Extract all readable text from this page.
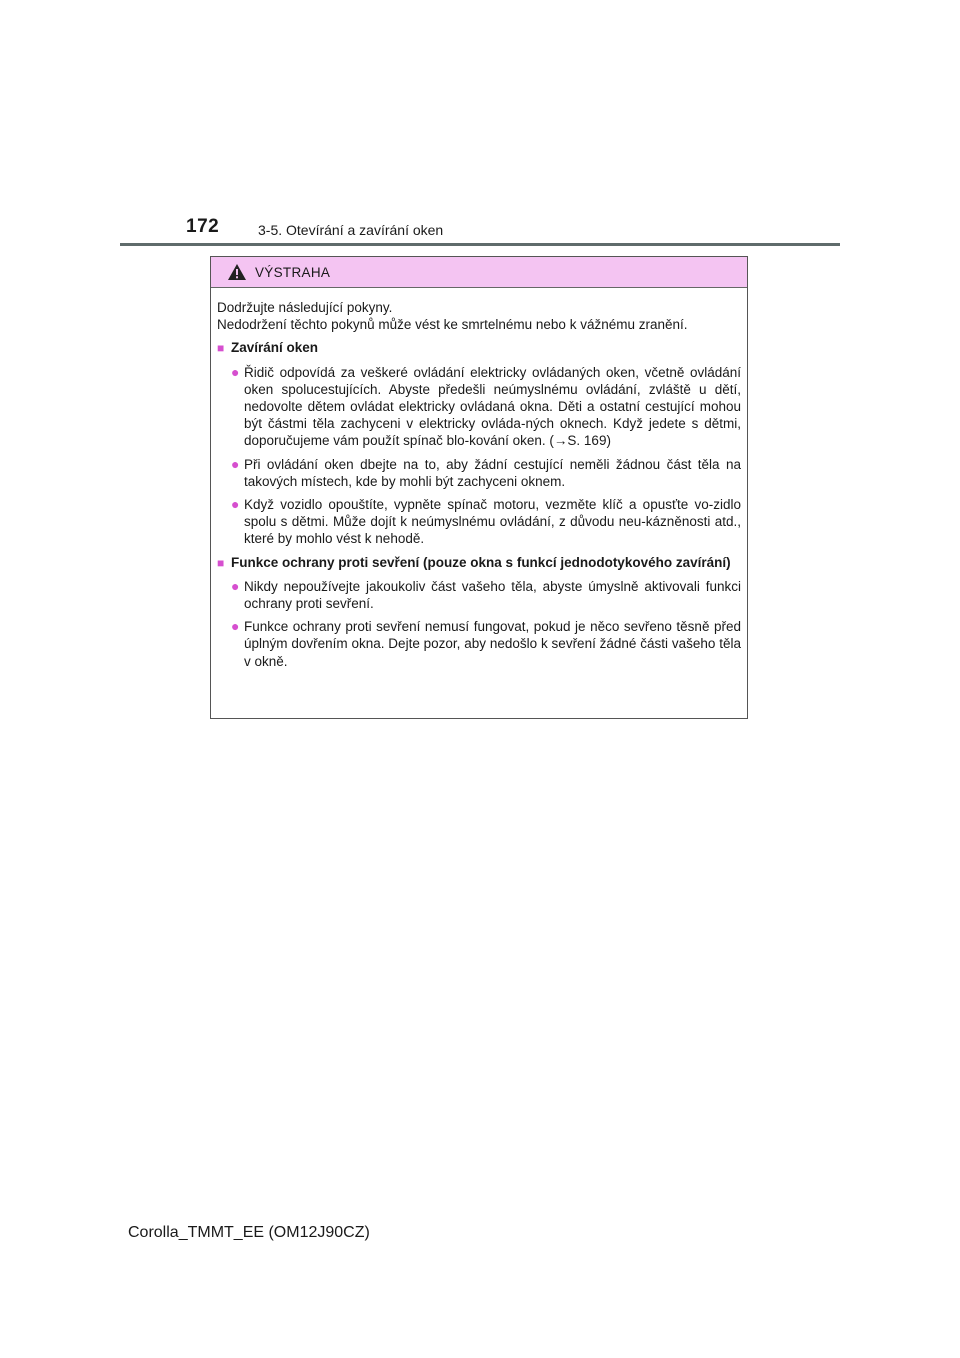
172	3-5. Otevírání a zavírání oken
VÝSTRAHA

Dodržujte následující pokyny.

Nedodržení těchto pokynů může vést ke smrtelnému nebo k vážnému zranění.

■ Zavírání oken
● Řidič odpovídá za veškeré ovládání elektricky ovládaných oken, včetně ovládání oken spolucestujících. Abyste předešli neúmyslnému ovládání, zvláště u dětí, nedovolte dětem ovládat elektricky ovládaná okna. Děti a ostatní cestující mohou být částmi těla zachyceni v elektricky ovláda-ných oknech. Když jedete s dětmi, doporučujeme vám použít spínač blo-kování oken. (→S. 169)
● Při ovládání oken dbejte na to, aby žádní cestující neměli žádnou část těla na takových místech, kde by mohli být zachyceni oknem.
● Když vozidlo opouštíte, vypněte spínač motoru, vezměte klíč a opusťte vo-zidlo spolu s dětmi. Může dojít k neúmyslnému ovládání, z důvodu neu-kázněnosti atd., které by mohlo vést k nehodě.
■ Funkce ochrany proti sevření (pouze okna s funkcí jednodotykového zavírání)
● Nikdy nepoužívejte jakoukoliv část vašeho těla, abyste úmyslně aktivovali funkci ochrany proti sevření.
● Funkce ochrany proti sevření nemusí fungovat, pokud je něco sevřeno těsně před úplným dovřením okna. Dejte pozor, aby nedošlo k sevření žádné části vašeho těla v okně.
Corolla_TMMT_EE (OM12J90CZ)
